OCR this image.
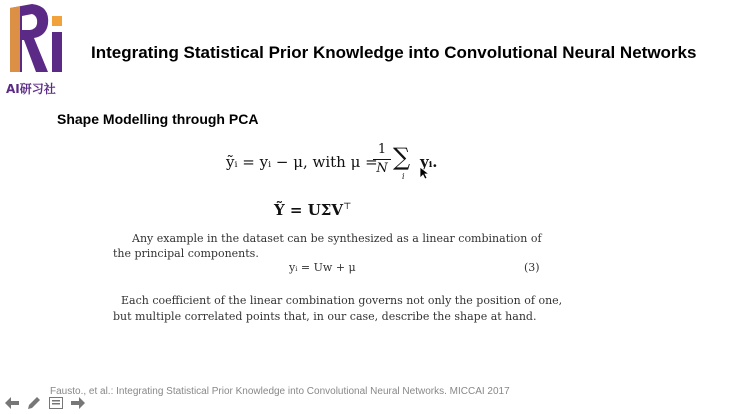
AI研习社
Integrating Statistical Prior Knowledge into Convolutional Neural Networks
Shape Modelling through PCA
ỹᵢ = yᵢ − μ, with μ =
1
N ∑
i
yᵢ.
Ỹ = UΣV⊤
Any example in the dataset can be synthesized as a linear combination of
the principal components.
yᵢ = Uw + μ	(3)
Each coefficient of the linear combination governs not only the position of one,
but multiple correlated points that, in our case, describe the shape at hand.
Fausto., et al.: Integrating Statistical Prior Knowledge into Convolutional Neural Networks. MICCAI 2017
